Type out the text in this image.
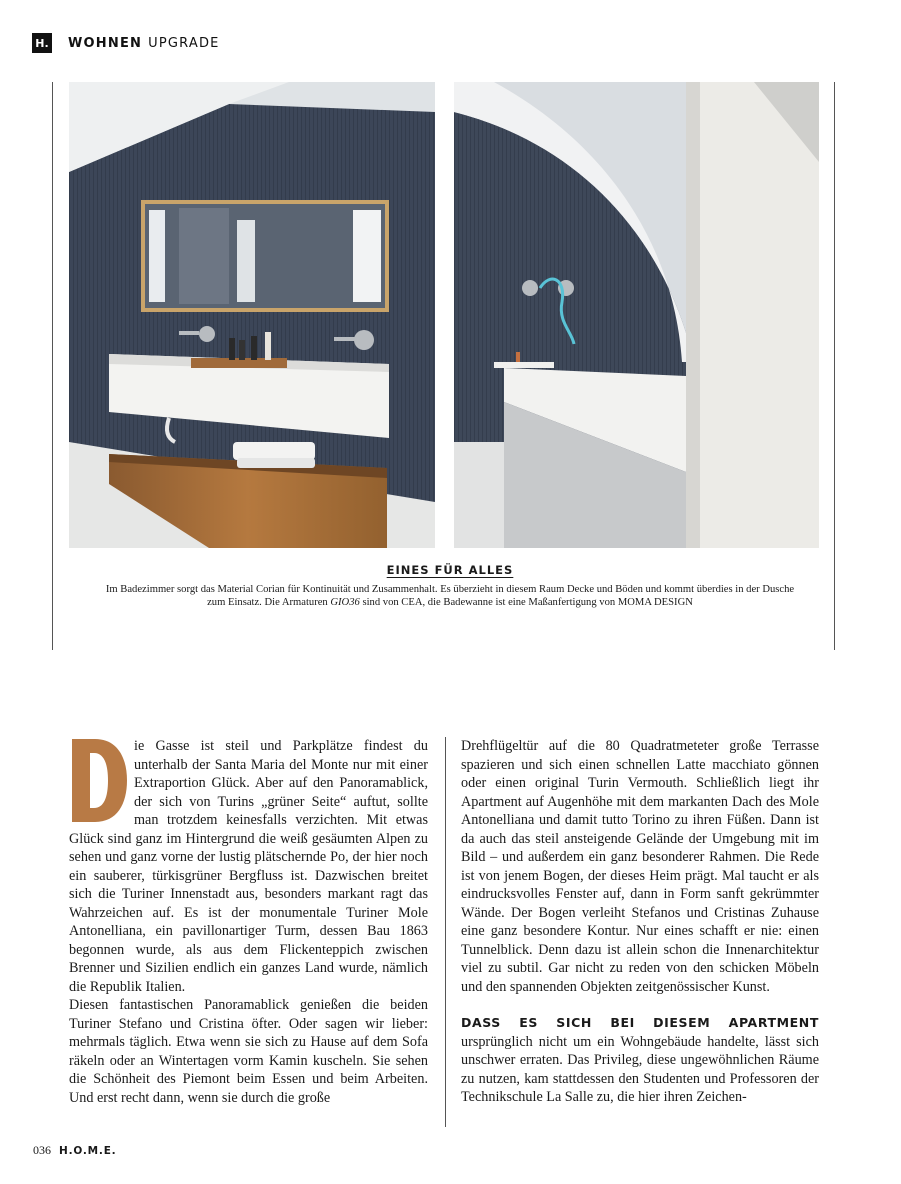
H. WOHNEN UPGRADE
EINES FÜR ALLES
Im Badezimmer sorgt das Material Corian für Kontinuität und Zusammenhalt. Es überzieht in diesem Raum Decke und Böden und kommt überdies in der Dusche zum Einsatz. Die Armaturen GIO36 sind von CEA, die Badewanne ist eine Maßanfertigung von MOMA DESIGN

ie Gasse ist steil und Parkplätze findest du unterhalb der Santa Maria del Monte nur mit einer Extraportion Glück. Aber auf den Panoramablick, der sich von Turins „grüner Seite“ auftut, sollte man trotzdem keinesfalls verzichten. Mit etwas Glück sind ganz im Hintergrund die weiß gesäumten Alpen zu sehen und ganz vorne der lustig plätschernde Po, der hier noch ein sauberer, türkisgrüner Bergfluss ist. Dazwischen breitet sich die Turiner Innenstadt aus, besonders markant ragt das Wahrzeichen auf. Es ist der monumentale Turiner Mole Antonelliana, ein pavillonartiger Turm, dessen Bau 1863 begonnen wurde, als aus dem Flickenteppich zwischen Brenner und Sizilien endlich ein ganzes Land wurde, nämlich die Republik Italien.

Diesen fantastischen Panoramablick genießen die beiden Turiner Stefano und Cristina öfter. Oder sagen wir lieber: mehrmals täglich. Etwa wenn sie sich zu Hause auf dem Sofa räkeln oder an Wintertagen vorm Kamin kuscheln. Sie sehen die Schönheit des Piemont beim Essen und beim Arbeiten. Und erst recht dann, wenn sie durch die große

Drehflügeltür auf die 80 Quadratmeteter große Terrasse spazieren und sich einen schnellen Latte macchiato gönnen oder einen original Turin Vermouth. Schließlich liegt ihr Apartment auf Augenhöhe mit dem markanten Dach des Mole Antonelliana und damit tutto Torino zu ihren Füßen. Dann ist da auch das steil ansteigende Gelände der Umgebung mit im Bild – und außerdem ein ganz besonderer Rahmen. Die Rede ist von jenem Bogen, der dieses Heim prägt. Mal taucht er als eindrucksvolles Fenster auf, dann in Form sanft gekrümmter Wände. Der Bogen verleiht Stefanos und Cristinas Zuhause eine ganz besondere Kontur. Nur eines schafft er nie: einen Tunnelblick. Denn dazu ist allein schon die Innenarchitektur viel zu subtil. Gar nicht zu reden von den schicken Möbeln und den spannenden Objekten zeitgenössischer Kunst.

DASS ES SICH BEI DIESEM APARTMENT ursprünglich nicht um ein Wohngebäude handelte, lässt sich unschwer erraten. Das Privileg, diese ungewöhnlichen Räume zu nutzen, kam stattdessen den Studenten und Professoren der Technikschule La Salle zu, die hier ihren Zeichen-

036 H.O.M.E.
